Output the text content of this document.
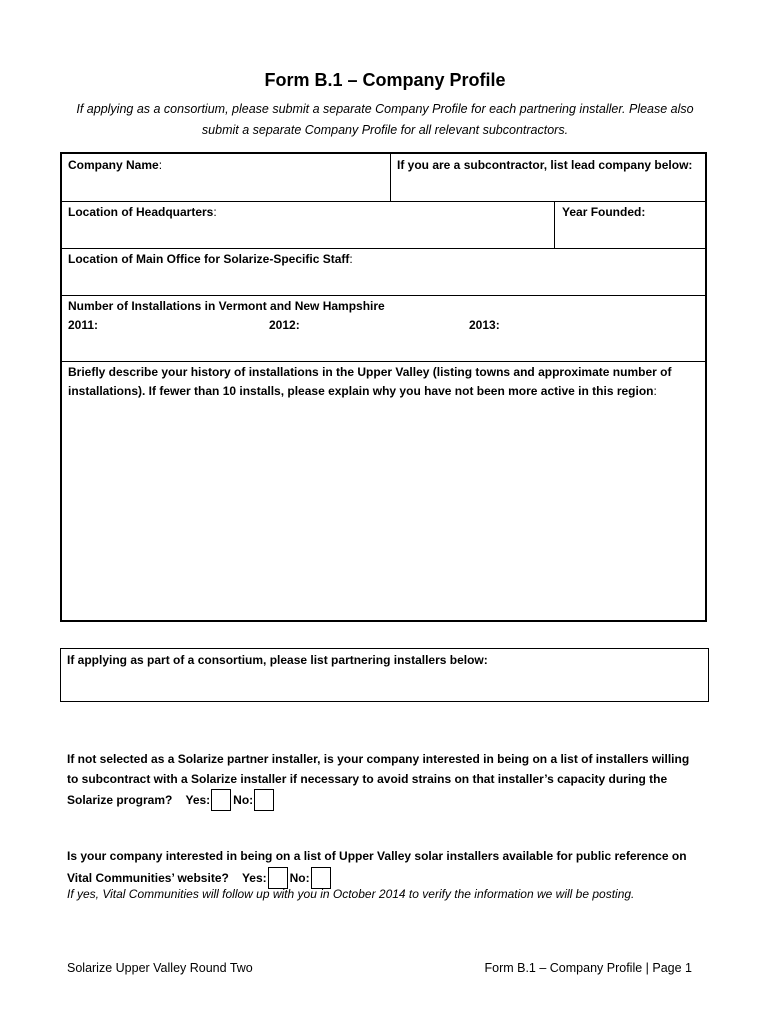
Form B.1 – Company Profile
If applying as a consortium, please submit a separate Company Profile for each partnering installer. Please also
submit a separate Company Profile for all relevant subcontractors.
Company Name:	If you are a subcontractor, list lead company below:
Location of Headquarters:	Year Founded:
Location of Main Office for Solarize-Specific Staff:
Number of Installations in Vermont and New Hampshire
2011:	2012:	2013:
Briefly describe your history of installations in the Upper Valley (listing towns and approximate number of
installations). If fewer than 10 installs, please explain why you have not been more active in this region:
If applying as part of a consortium, please list partnering installers below:
If not selected as a Solarize partner installer, is your company interested in being on a list of installers willing
to subcontract with a Solarize installer if necessary to avoid strains on that installer’s capacity during the
Solarize program? Yes: No:
Is your company interested in being on a list of Upper Valley solar installers available for public reference on
Vital Communities’ website? Yes: No:
If yes, Vital Communities will follow up with you in October 2014 to verify the information we will be posting.
Solarize Upper Valley Round Two	Form B.1 – Company Profile | Page 1
